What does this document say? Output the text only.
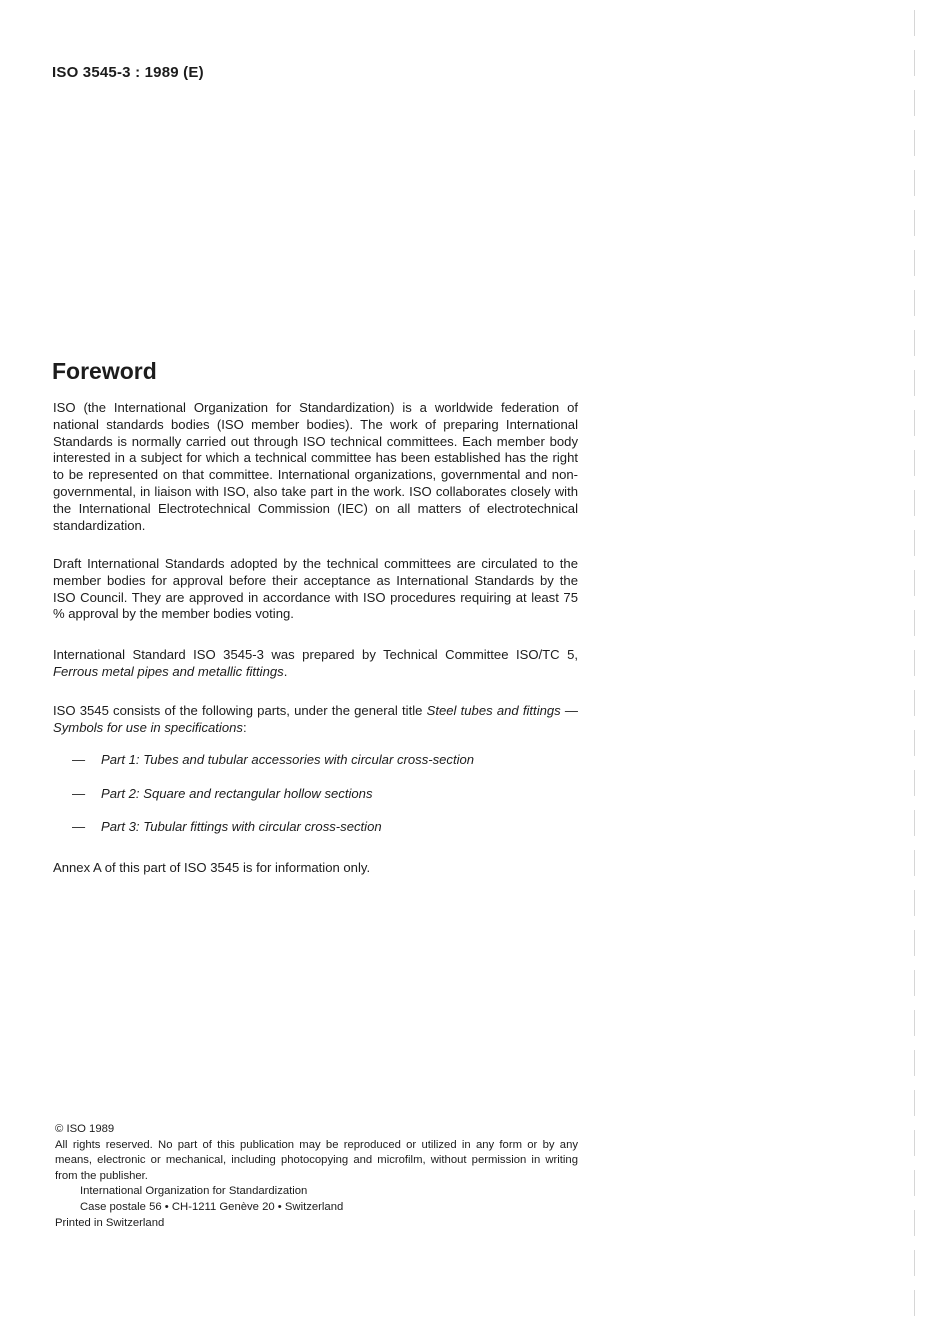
ISO 3545-3 : 1989 (E)
Foreword

ISO (the International Organization for Standardization) is a worldwide federation of national standards bodies (ISO member bodies). The work of preparing International Standards is normally carried out through ISO technical committees. Each member body interested in a subject for which a technical committee has been established has the right to be represented on that committee. International organizations, governmental and non-governmental, in liaison with ISO, also take part in the work. ISO collaborates closely with the International Electrotechnical Commission (IEC) on all matters of electrotechnical standardization.

Draft International Standards adopted by the technical committees are circulated to the member bodies for approval before their acceptance as International Standards by the ISO Council. They are approved in accordance with ISO procedures requiring at least 75 % approval by the member bodies voting.

International Standard ISO 3545-3 was prepared by Technical Committee ISO/TC 5, Ferrous metal pipes and metallic fittings.

ISO 3545 consists of the following parts, under the general title Steel tubes and fittings — Symbols for use in specifications:

—	Part 1: Tubes and tubular accessories with circular cross-section
—	Part 2: Square and rectangular hollow sections
—	Part 3: Tubular fittings with circular cross-section

Annex A of this part of ISO 3545 is for information only.

© ISO 1989

All rights reserved. No part of this publication may be reproduced or utilized in any form or by any means, electronic or mechanical, including photocopying and microfilm, without permission in writing from the publisher.

International Organization for Standardization

Case postale 56 • CH-1211 Genève 20 • Switzerland

Printed in Switzerland
